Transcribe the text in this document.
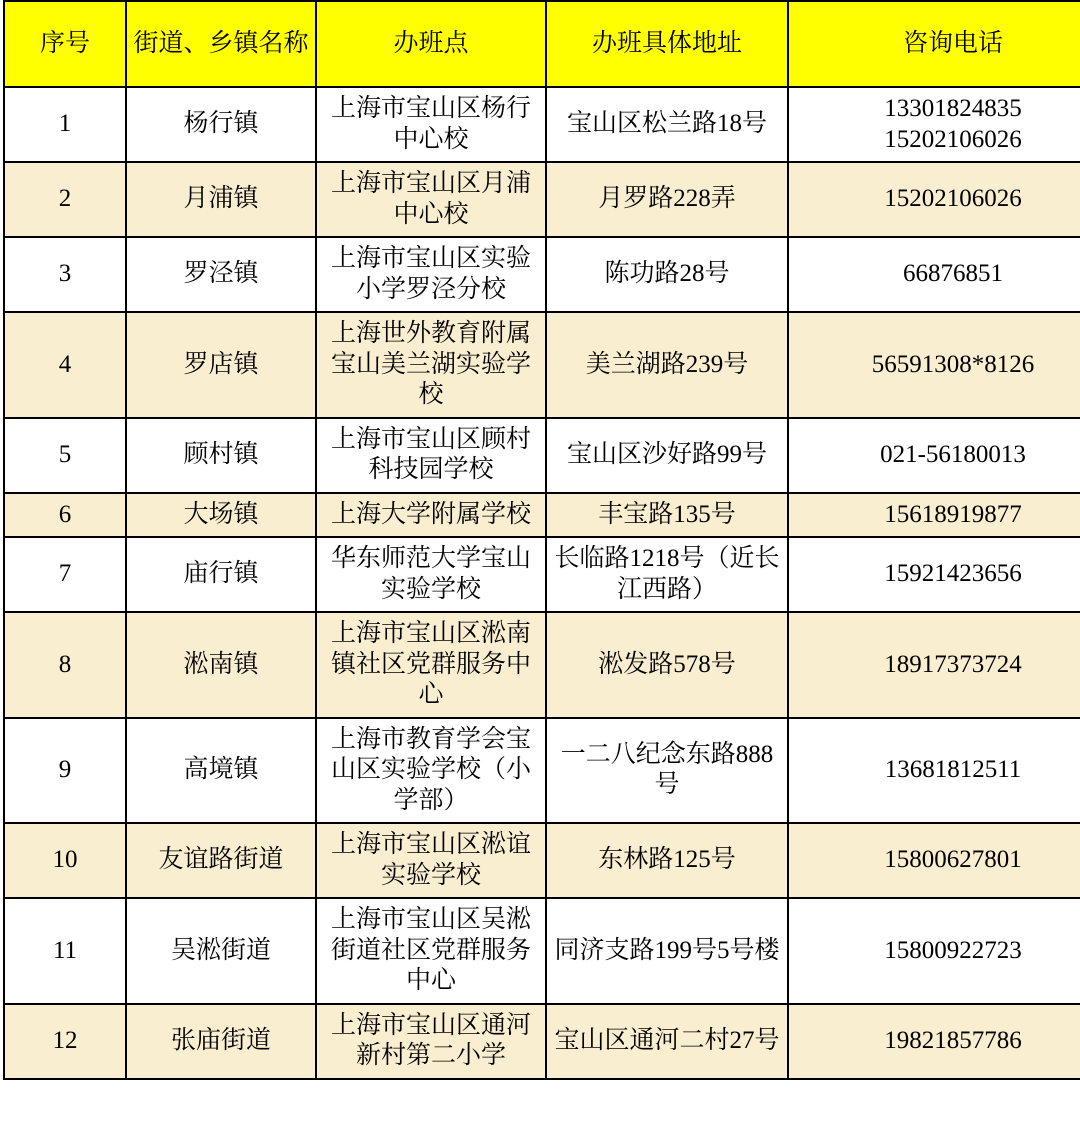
序号	街道、乡镇名称	办班点	办班具体地址	咨询电话
1	杨行镇	上海市宝山区杨行中心校	宝山区松兰路18号	13301824835
15202106026

2	月浦镇	上海市宝山区月浦中心校	月罗路228弄	15202106026

3	罗泾镇	上海市宝山区实验小学罗泾分校	陈功路28号	66876851

4	罗店镇	上海世外教育附属宝山美兰湖实验学校	美兰湖路239号	56591308*8126

5	顾村镇	上海市宝山区顾村科技园学校	宝山区沙好路99号	021-56180013

6	大场镇	上海大学附属学校	丰宝路135号	15618919877

7	庙行镇	华东师范大学宝山实验学校	长临路1218号（近长江西路）	15921423656

8	淞南镇	上海市宝山区淞南镇社区党群服务中心	淞发路578号	18917373724

9	高境镇	上海市教育学会宝山区实验学校（小学部）	一二八纪念东路888号	13681812511

10	友谊路街道	上海市宝山区淞谊实验学校	东林路125号	15800627801

11	吴淞街道	上海市宝山区吴淞街道社区党群服务中心	同济支路199号5号楼	15800922723

12	张庙街道	上海市宝山区通河新村第二小学	宝山区通河二村27号	19821857786
